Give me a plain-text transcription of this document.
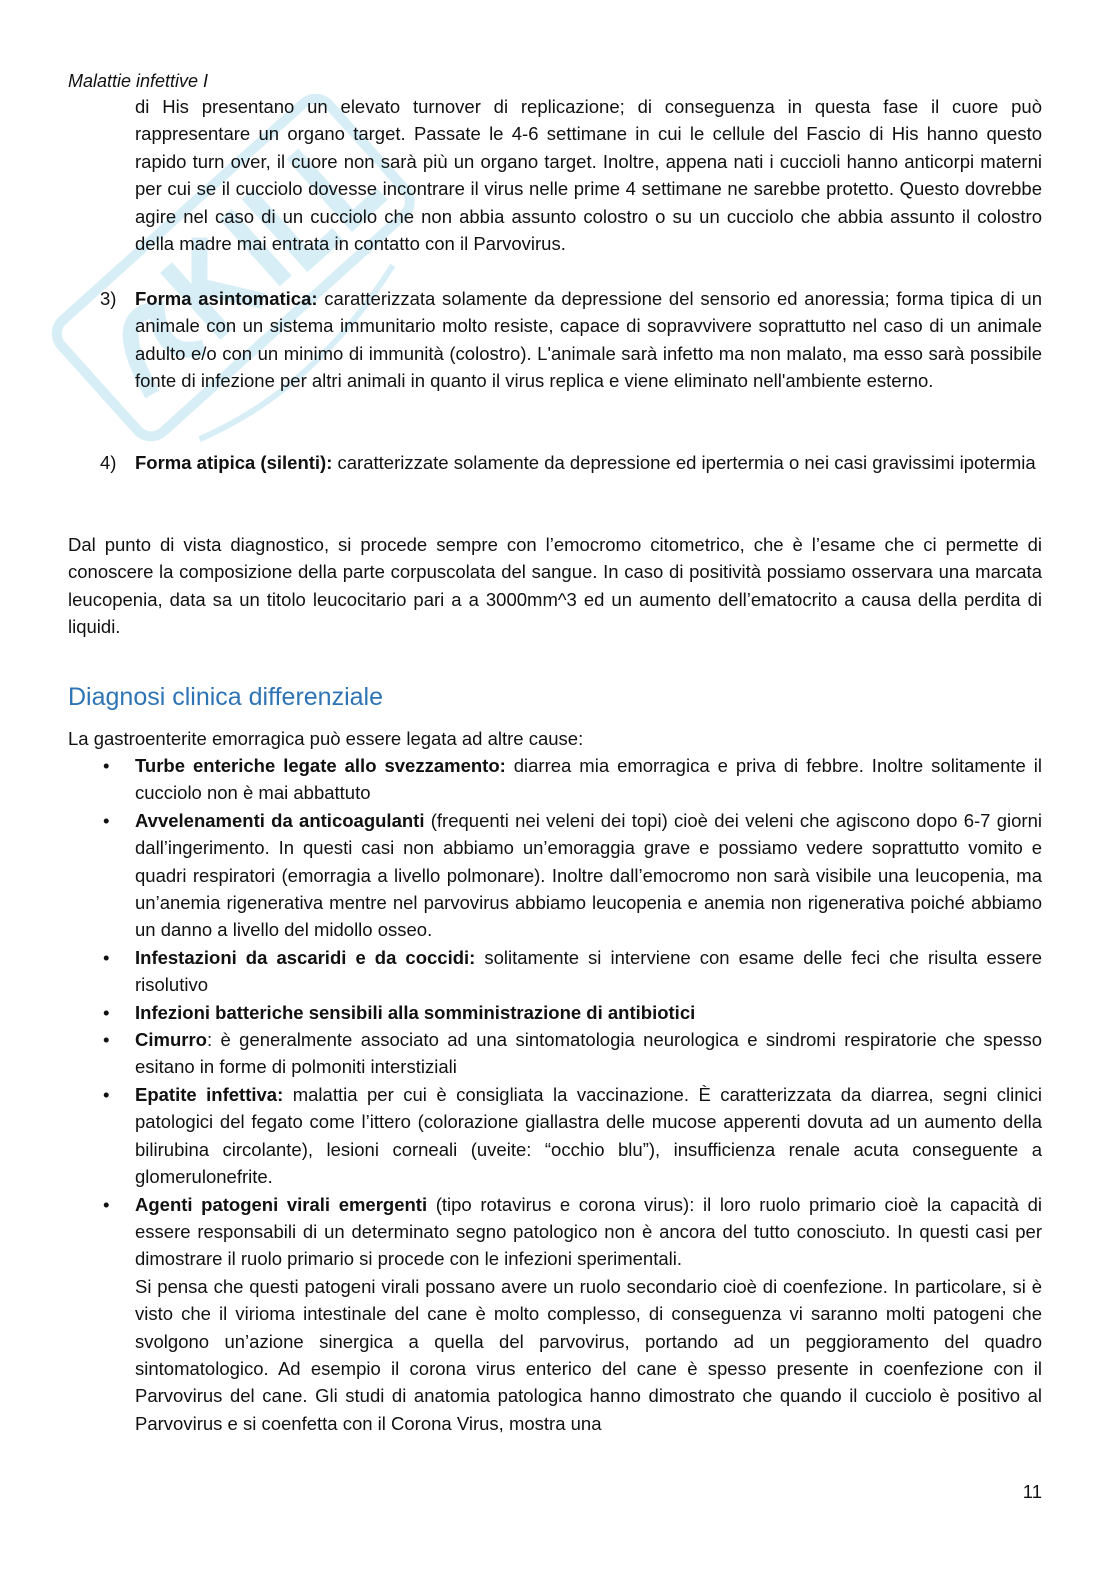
Malattie infettive I
di His presentano un elevato turnover di replicazione; di conseguenza in questa fase il cuore può rappresentare un organo target. Passate le 4-6 settimane in cui le cellule del Fascio di His hanno questo rapido turn over, il cuore non sarà più un organo target. Inoltre, appena nati i cuccioli hanno anticorpi materni per cui se il cucciolo dovesse incontrare il virus nelle prime 4 settimane ne sarebbe protetto. Questo dovrebbe agire nel caso di un cucciolo che non abbia assunto colostro o su un cucciolo che abbia assunto il colostro della madre mai entrata in contatto con il Parvovirus.
3) Forma asintomatica: caratterizzata solamente da depressione del sensorio ed anoressia; forma tipica di un animale con un sistema immunitario molto resiste, capace di sopravvivere soprattutto nel caso di un animale adulto e/o con un minimo di immunità (colostro). L'animale sarà infetto ma non malato, ma esso sarà possibile fonte di infezione per altri animali in quanto il virus replica e viene eliminato nell'ambiente esterno.
4) Forma atipica (silenti): caratterizzate solamente da depressione ed ipertermia o nei casi gravissimi ipotermia
Dal punto di vista diagnostico, si procede sempre con l’emocromo citometrico, che è l’esame che ci permette di conoscere la composizione della parte corpuscolata del sangue. In caso di positività possiamo osservara una marcata leucopenia, data sa un titolo leucocitario pari a a 3000mm^3 ed un aumento dell’ematocrito a causa della perdita di liquidi.
Diagnosi clinica differenziale
La gastroenterite emorragica può essere legata ad altre cause:
• Turbe enteriche legate allo svezzamento: diarrea mia emorragica e priva di febbre. Inoltre solitamente il cucciolo non è mai abbattuto
• Avvelenamenti da anticoagulanti (frequenti nei veleni dei topi) cioè dei veleni che agiscono dopo 6-7 giorni dall’ingerimento. In questi casi non abbiamo un’emoraggia grave e possiamo vedere soprattutto vomito e quadri respiratori (emorragia a livello polmonare). Inoltre dall’emocromo non sarà visibile una leucopenia, ma un’anemia rigenerativa mentre nel parvovirus abbiamo leucopenia e anemia non rigenerativa poiché abbiamo un danno a livello del midollo osseo.
• Infestazioni da ascaridi e da coccidi: solitamente si interviene con esame delle feci che risulta essere risolutivo
• Infezioni batteriche sensibili alla somministrazione di antibiotici
• Cimurro: è generalmente associato ad una sintomatologia neurologica e sindromi respiratorie che spesso esitano in forme di polmoniti interstiziali
• Epatite infettiva: malattia per cui è consigliata la vaccinazione. È caratterizzata da diarrea, segni clinici patologici del fegato come l’ittero (colorazione giallastra delle mucose apperenti dovuta ad un aumento della bilirubina circolante), lesioni corneali (uveite: “occhio blu”), insufficienza renale acuta conseguente a glomerulonefrite.
• Agenti patogeni virali emergenti (tipo rotavirus e corona virus): il loro ruolo primario cioè la capacità di essere responsabili di un determinato segno patologico non è ancora del tutto conosciuto. In questi casi per dimostrare il ruolo primario si procede con le infezioni sperimentali.
Si pensa che questi patogeni virali possano avere un ruolo secondario cioè di coenfezione. In particolare, si è visto che il virioma intestinale del cane è molto complesso, di conseguenza vi saranno molti patogeni che svolgono un’azione sinergica a quella del parvovirus, portando ad un peggioramento del quadro sintomatologico. Ad esempio il corona virus enterico del cane è spesso presente in coenfezione con il Parvovirus del cane. Gli studi di anatomia patologica hanno dimostrato che quando il cucciolo è positivo al Parvovirus e si coenfetta con il Corona Virus, mostra una
11
